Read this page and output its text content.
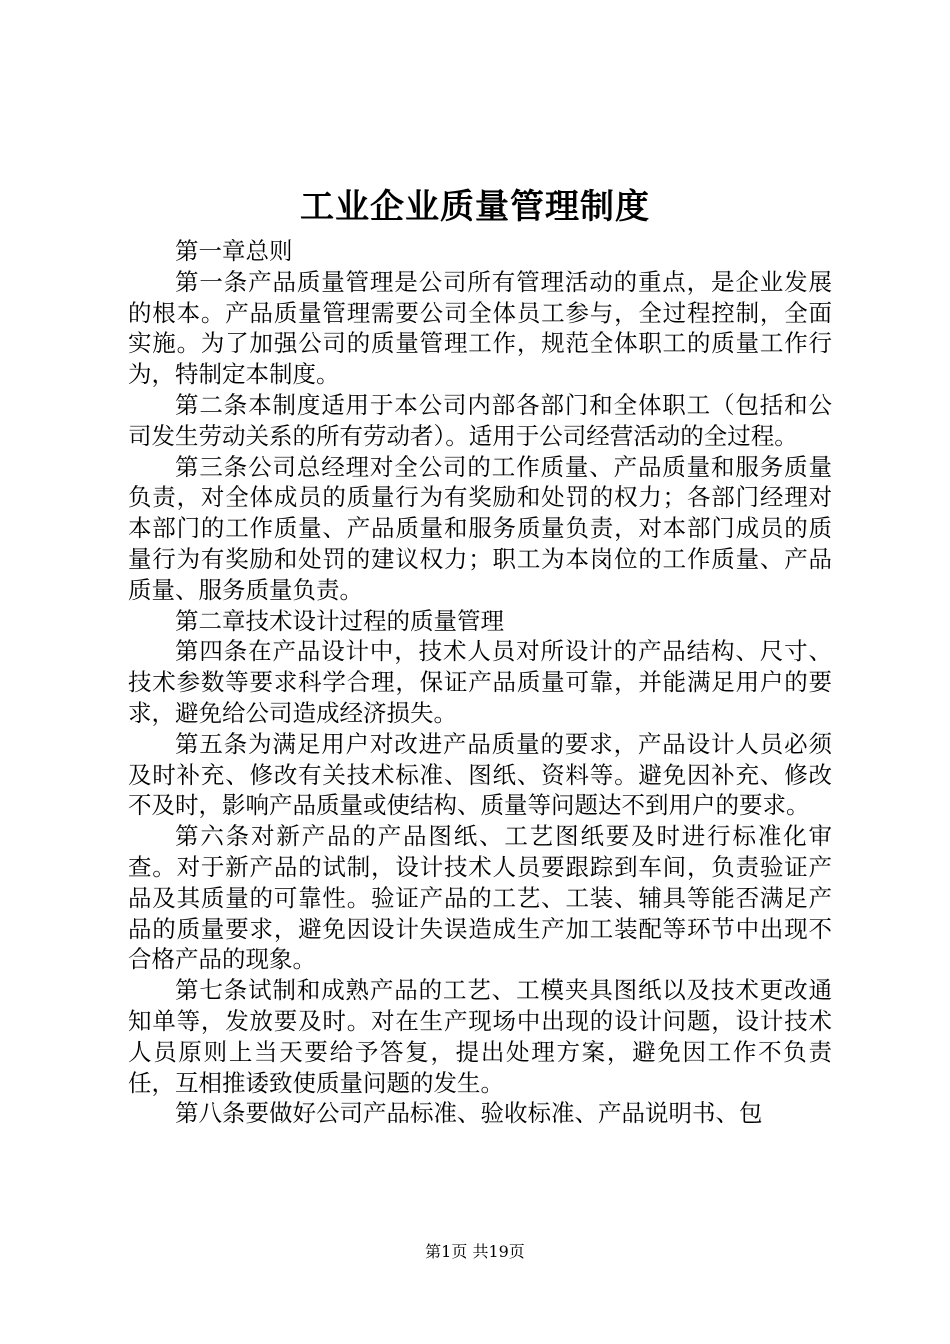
工业企业质量管理制度

第一章总则

第一条产品质量管理是公司所有管理活动的重点，是企业发展的根本。产品质量管理需要公司全体员工参与，全过程控制，全面实施。为了加强公司的质量管理工作，规范全体职工的质量工作行为，特制定本制度。

第二条本制度适用于本公司内部各部门和全体职工（包括和公司发生劳动关系的所有劳动者）。适用于公司经营活动的全过程。

第三条公司总经理对全公司的工作质量、产品质量和服务质量负责，对全体成员的质量行为有奖励和处罚的权力；各部门经理对本部门的工作质量、产品质量和服务质量负责，对本部门成员的质量行为有奖励和处罚的建议权力；职工为本岗位的工作质量、产品质量、服务质量负责。

第二章技术设计过程的质量管理

第四条在产品设计中，技术人员对所设计的产品结构、尺寸、技术参数等要求科学合理，保证产品质量可靠，并能满足用户的要求，避免给公司造成经济损失。

第五条为满足用户对改进产品质量的要求，产品设计人员必须及时补充、修改有关技术标准、图纸、资料等。避免因补充、修改不及时，影响产品质量或使结构、质量等问题达不到用户的要求。

第六条对新产品的产品图纸、工艺图纸要及时进行标准化审查。对于新产品的试制，设计技术人员要跟踪到车间，负责验证产品及其质量的可靠性。验证产品的工艺、工装、辅具等能否满足产品的质量要求，避免因设计失误造成生产加工装配等环节中出现不合格产品的现象。

第七条试制和成熟产品的工艺、工模夹具图纸以及技术更改通知单等，发放要及时。对在生产现场中出现的设计问题，设计技术人员原则上当天要给予答复，提出处理方案，避免因工作不负责任，互相推诿致使质量问题的发生。

第八条要做好公司产品标准、验收标准、产品说明书、包

第1页 共19页
